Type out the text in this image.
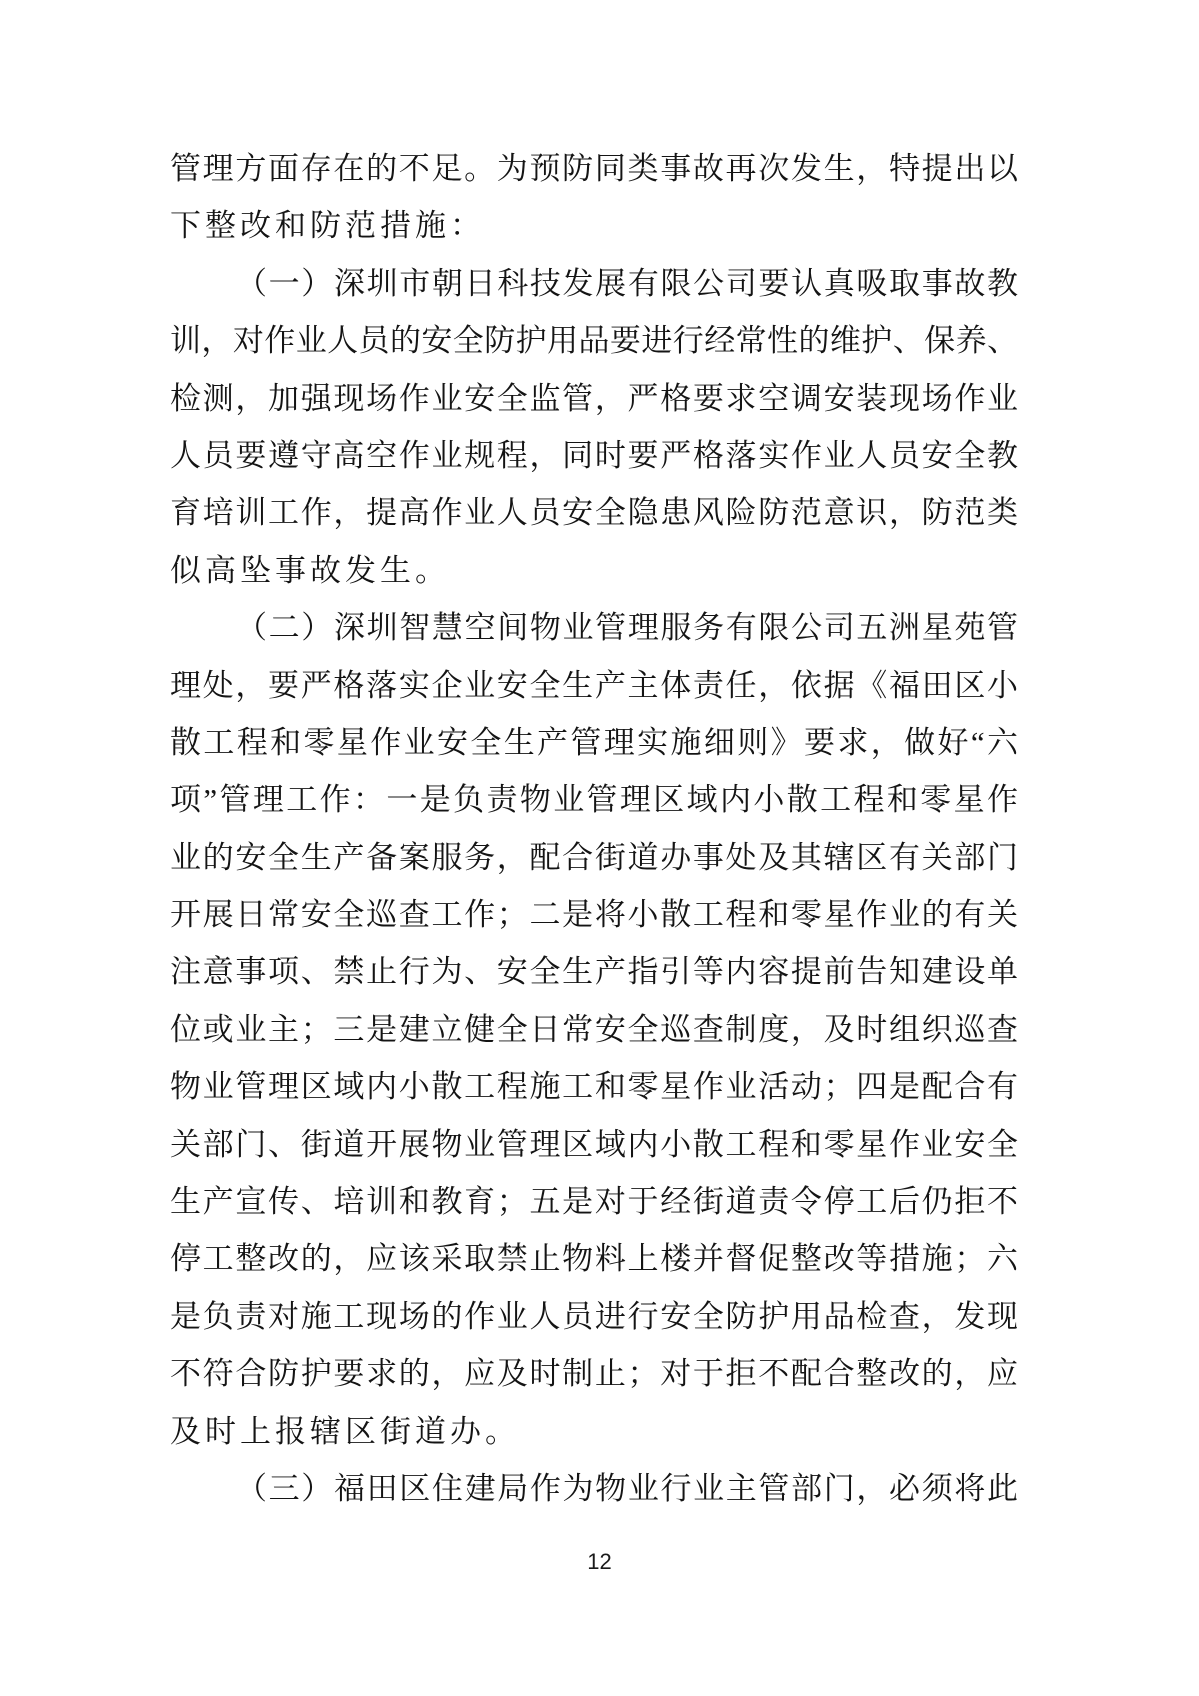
管理方面存在的不足。为预防同类事故再次发生，特提出以
下整改和防范措施：
（一）深圳市朝日科技发展有限公司要认真吸取事故教
训，对作业人员的安全防护用品要进行经常性的维护、保养、
检测，加强现场作业安全监管，严格要求空调安装现场作业
人员要遵守高空作业规程，同时要严格落实作业人员安全教
育培训工作，提高作业人员安全隐患风险防范意识，防范类
似高坠事故发生。
（二）深圳智慧空间物业管理服务有限公司五洲星苑管
理处，要严格落实企业安全生产主体责任，依据《福田区小
散工程和零星作业安全生产管理实施细则》要求，做好“六
项”管理工作：一是负责物业管理区域内小散工程和零星作
业的安全生产备案服务，配合街道办事处及其辖区有关部门
开展日常安全巡查工作；二是将小散工程和零星作业的有关
注意事项、禁止行为、安全生产指引等内容提前告知建设单
位或业主；三是建立健全日常安全巡查制度，及时组织巡查
物业管理区域内小散工程施工和零星作业活动；四是配合有
关部门、街道开展物业管理区域内小散工程和零星作业安全
生产宣传、培训和教育；五是对于经街道责令停工后仍拒不
停工整改的，应该采取禁止物料上楼并督促整改等措施；六
是负责对施工现场的作业人员进行安全防护用品检查，发现
不符合防护要求的，应及时制止；对于拒不配合整改的，应
及时上报辖区街道办。
（三）福田区住建局作为物业行业主管部门，必须将此
12
